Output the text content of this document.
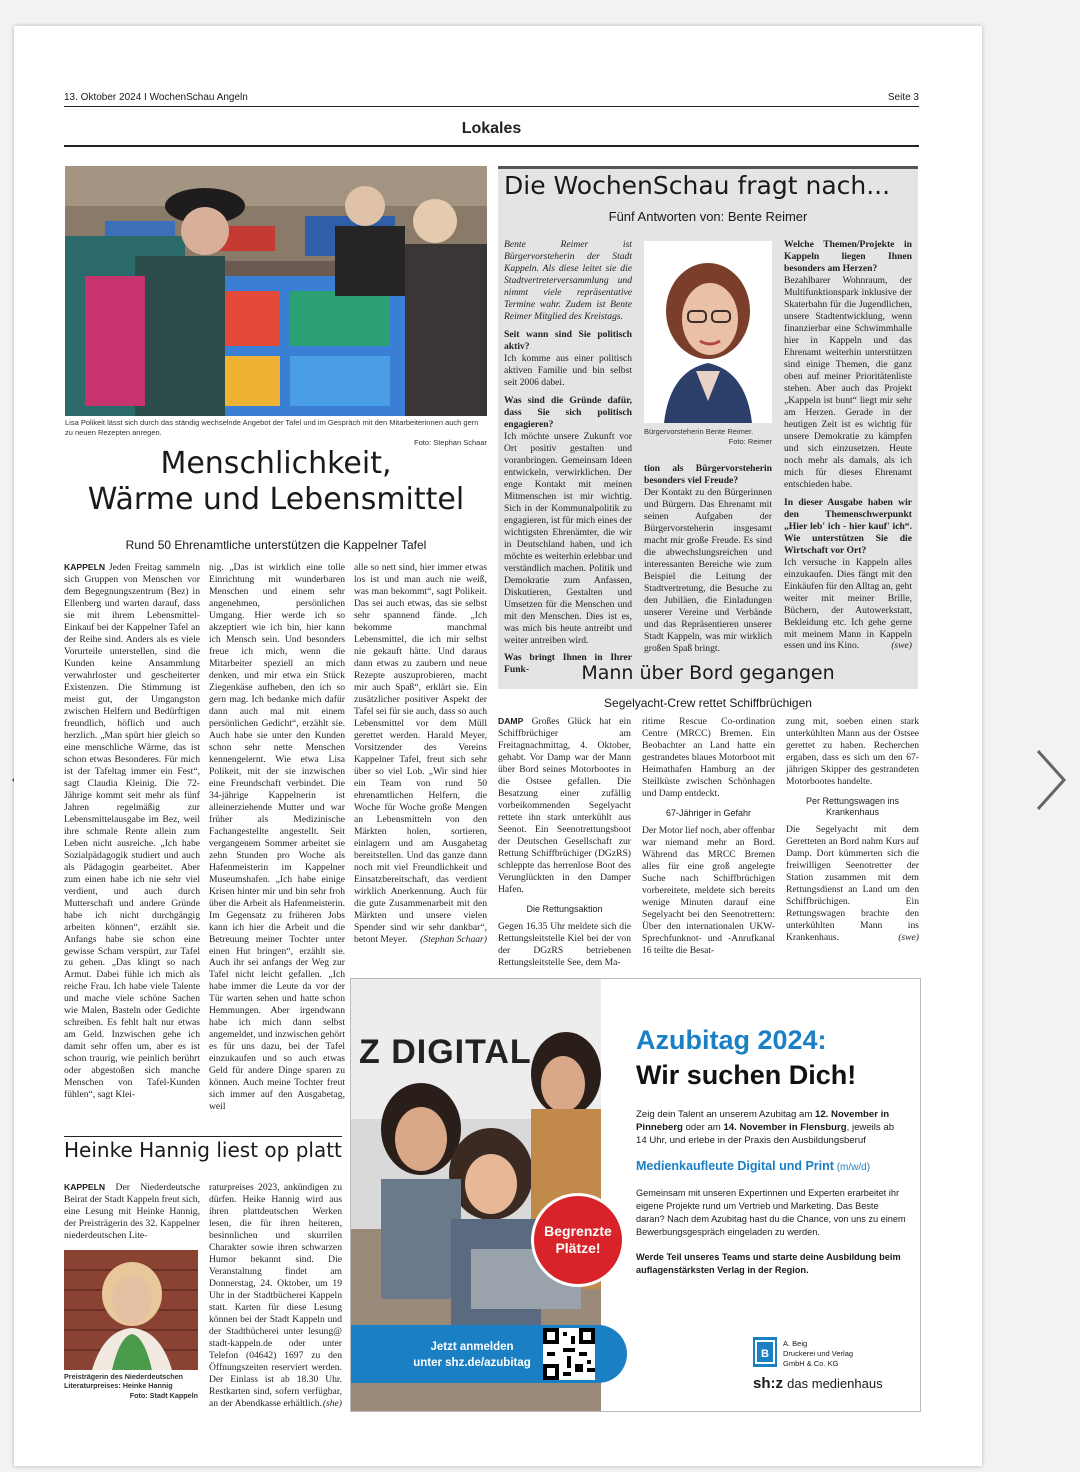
13. Oktober 2024 I WochenSchau Angeln	Seite 3
Lokales
Lisa Polikeit lässt sich durch das ständig wechselnde Angebot der Tafel und im Gespräch mit den Mitarbeiterinnen auch gern zu neuen Rezepten anregen.
Foto: Stephan Schaar
Menschlichkeit,
Wärme und Lebensmittel
Rund 50 Ehrenamtliche unterstützen die Kappelner Tafel

KAPPELN Jeden Freitag sammeln sich Gruppen von Menschen vor dem Begegnungszentrum (Bez) in Ellenberg und warten darauf, dass sie mit ihrem Lebensmittel-Einkauf bei der Kappelner Tafel an der Reihe sind. Anders als es viele Vorurteile unterstellen, sind die Kunden keine Ansammlung verwahrloster und gescheiterter Existenzen. Die Stimmung ist meist gut, der Umgangston zwischen Helfern und Bedürftigen freundlich, höflich und auch herzlich. „Man spürt hier gleich so eine menschliche Wärme, das ist schon etwas Besonderes. Für mich ist der Tafeltag immer ein Fest“, sagt Claudia Kleinig. Die 72-Jährige kommt seit mehr als fünf Jahren regelmäßig zur Lebensmittelausgabe im Bez, weil ihre schmale Rente allein zum Leben nicht ausreiche. „Ich habe Sozialpädagogik studiert und auch als Pädagogin gearbeitet. Aber zum einen habe ich nie sehr viel verdient, und auch durch Mutterschaft und andere Gründe habe ich nicht durchgängig arbeiten können“, erzählt sie. Anfangs habe sie schon eine gewisse Scham verspürt, zur Tafel zu gehen. „Das klingt so nach Armut. Dabei fühle ich mich als reiche Frau. Ich habe viele Talente und mache viele schöne Sachen wie Malen, Basteln oder Gedichte schreiben. Es fehlt halt nur etwas am Geld. Inzwischen gehe ich damit sehr offen um, aber es ist schon traurig, wie peinlich berührt oder abgestoßen sich manche Menschen von Tafel-Kunden fühlen“, sagt Klei-

nig. „Das ist wirklich eine tolle Einrichtung mit wunderbaren Menschen und einem sehr angenehmen, persönlichen Umgang. Hier werde ich so akzeptiert wie ich bin, hier kann ich Mensch sein. Und besonders freue ich mich, wenn die Mitarbeiter speziell an mich denken, und mir etwa ein Stück Ziegenkäse aufheben, den ich so gern mag. Ich bedanke mich dafür dann auch mal mit einem persönlichen Gedicht“, erzählt sie. Auch habe sie unter den Kunden schon sehr nette Menschen kennengelernt. Wie etwa Lisa Polikeit, mit der sie inzwischen eine Freundschaft verbindet. Die 34-jährige Kappelnerin ist alleinerziehende Mutter und war früher als Medizinische Fachangestellte angestellt. Seit vergangenem Sommer arbeitet sie zehn Stunden pro Woche als Hafenmeisterin im Kappelner Museumshafen. „Ich habe einige Krisen hinter mir und bin sehr froh über die Arbeit als Hafenmeisterin. Im Gegensatz zu früheren Jobs kann ich hier die Arbeit und die Betreuung meiner Tochter unter einen Hut bringen“, erzählt sie. Auch ihr sei anfangs der Weg zur Tafel nicht leicht gefallen. „Ich habe immer die Leute da vor der Tür warten sehen und hatte schon Hemmungen. Aber irgendwann habe ich mich dann selbst angemeldet, und inzwischen gehört es für uns dazu, bei der Tafel einzukaufen und so auch etwas Geld für andere Dinge sparen zu können. Auch meine Tochter freut sich immer auf den Ausgabetag, weil

alle so nett sind, hier immer etwas los ist und man auch nie weiß, was man bekommt“, sagt Polikeit. Das sei auch etwas, das sie selbst sehr spannend fände. „Ich bekomme manchmal Lebensmittel, die ich mir selbst nie gekauft hätte. Und daraus dann etwas zu zaubern und neue Rezepte auszuprobieren, macht mir auch Spaß“, erklärt sie. Ein zusätzlicher positiver Aspekt der Tafel sei für sie auch, dass so auch Lebensmittel vor dem Müll gerettet werden. Harald Meyer, Vorsitzender des Vereins Kappelner Tafel, freut sich sehr über so viel Lob. „Wir sind hier ein Team von rund 50 ehrenamtlichen Helfern, die Woche für Woche große Mengen an Lebensmitteln von den Märkten holen, sortieren, einlagern und am Ausgabetag bereitstellen. Und das ganze dann noch mit viel Freundlichkeit und Einsatzbereitschaft, das verdient wirklich Anerkennung. Auch für die gute Zusammenarbeit mit den Märkten und unsere vielen Spender sind wir sehr dankbar“, betont Meyer. (Stephan Schaar)

Heinke Hannig liest op platt

KAPPELN Der Niederdeutsche Beirat der Stadt Kappeln freut sich, eine Lesung mit Heinke Hannig, der Preisträgerin des 32. Kappelner niederdeutschen Lite-

Preisträgerin des Niederdeutschen Literaturpreises: Heinke Hannig
Foto: Stadt Kappeln

raturpreises 2023, ankündigen zu dürfen. Heike Hannig wird aus ihren plattdeutschen Werken lesen, die für ihren heiteren, besinnlichen und skurrilen Charakter sowie ihren schwarzen Humor bekannt sind. Die Veranstaltung findet am Donnerstag, 24. Oktober, um 19 Uhr in der Stadtbücherei Kappeln statt. Karten für diese Lesung können bei der Stadt Kappeln und der Stadtbücherei unter lesung@ stadt-kappeln.de oder unter Telefon (04642) 1697 zu den Öffnungszeiten reserviert werden. Der Einlass ist ab 18.30 Uhr. Restkarten sind, sofern verfügbar, an der Abendkasse erhältlich. (she)

Die WochenSchau fragt nach...
Fünf Antworten von: Bente Reimer

Bente Reimer ist Bürgervorsteherin der Stadt Kappeln. Als diese leitet sie die Stadtvertreterversammlung und nimmt viele repräsentative Termine wahr. Zudem ist Bente Reimer Mitglied des Kreistags.

Seit wann sind Sie politisch aktiv?

Ich komme aus einer politisch aktiven Familie und bin selbst seit 2006 dabei.

Was sind die Gründe dafür, dass Sie sich politisch engagieren?

Ich möchte unsere Zukunft vor Ort positiv gestalten und voranbringen. Gemeinsam Ideen entwickeln, verwirklichen. Der enge Kontakt mit meinen Mitmenschen ist mir wichtig. Sich in der Kommunalpolitik zu engagieren, ist für mich eines der wichtigsten Ehrenämter, die wir in Deutschland haben, und ich möchte es weiterhin erlebbar und verständlich machen. Politik und Demokratie zum Anfassen, Diskutieren, Gestalten und Umsetzen für die Menschen und mit den Menschen. Dies ist es, was mich bis heute antreibt und weiter antreiben wird.

Was bringt Ihnen in Ihrer Funk-

Bürgervorsteherin Bente Reimer.
Foto: Reimer

tion als Bürgervorsteherin besonders viel Freude?

Der Kontakt zu den Bürgerinnen und Bürgern. Das Ehrenamt mit seinen Aufgaben der Bürgervorsteherin insgesamt macht mir große Freude. Es sind die abwechslungsreichen und interessanten Bereiche wie zum Beispiel die Leitung der Stadtvertretung, die Besuche zu den Jubiläen, die Einladungen unserer Vereine und Verbände und das Repräsentieren unserer Stadt Kappeln, was mir wirklich großen Spaß bringt.

Welche Themen/Projekte in Kappeln liegen Ihnen besonders am Herzen?

Bezahlbarer Wohnraum, der Multifunktionspark inklusive der Skaterbahn für die Jugendlichen, unsere Stadtentwicklung, wenn finanzierbar eine Schwimmhalle hier in Kappeln und das Ehrenamt weiterhin unterstützen sind einige Themen, die ganz oben auf meiner Prioritätenliste stehen. Aber auch das Projekt „Kappeln ist bunt“ liegt mir sehr am Herzen. Gerade in der heutigen Zeit ist es wichtig für unsere Demokratie zu kämpfen und sich einzusetzen. Heute noch mehr als damals, als ich mich für dieses Ehrenamt entschieden habe.

In dieser Ausgabe haben wir den Themenschwerpunkt „Hier leb' ich - hier kauf' ich“. Wie unterstützen Sie die Wirtschaft vor Ort?

Ich versuche in Kappeln alles einzukaufen. Dies fängt mit den Einkäufen für den Alltag an, geht weiter mit meiner Brille, Büchern, der Autowerkstatt, Bekleidung etc. Ich gehe gerne mit meinem Mann in Kappeln essen und ins Kino.	(swe)

Mann über Bord gegangen
Segelyacht-Crew rettet Schiffbrüchigen

DAMP Großes Glück hat ein Schiffbrüchiger am Freitagnachmittag, 4. Oktober, gehabt. Vor Damp war der Mann über Bord seines Motorbootes in die Ostsee gefallen. Die Besatzung einer zufällig vorbeikommenden Segelyacht rettete ihn stark unterkühlt aus Seenot. Ein Seenotrettungsboot der Deutschen Gesellschaft zur Rettung Schiffbrüchiger (DGzRS) schleppte das herrenlose Boot des Verunglückten in den Damper Hafen.

Die Rettungsaktion

Gegen 16.35 Uhr meldete sich die Rettungsleitstelle Kiel bei der von der DGzRS betriebenen Rettungsleitstelle See, dem Ma-

ritime Rescue Co-ordination Centre (MRCC) Bremen. Ein Beobachter an Land hatte ein gestrandetes blaues Motorboot mit Heimathafen Hamburg an der Steilküste zwischen Schönhagen und Damp entdeckt.

67-Jähriger in Gefahr

Der Motor lief noch, aber offenbar war niemand mehr an Bord. Während das MRCC Bremen alles für eine groß angelegte Suche nach Schiffbrüchigen vorbereitete, meldete sich bereits wenige Minuten darauf eine Segelyacht bei den Seenotrettern: Über den internationalen UKW-Sprechfunknot- und -Anrufkanal 16 teilte die Besat-

zung mit, soeben einen stark unterkühlten Mann aus der Ostsee gerettet zu haben. Recherchen ergaben, dass es sich um den 67-jährigen Skipper des gestrandeten Motorbootes handelte.

Per Rettungswagen ins Krankenhaus

Die Segelyacht mit dem Geretteten an Bord nahm Kurs auf Damp. Dort kümmerten sich die freiwilligen Seenotretter der Station zusammen mit dem Rettungsdienst an Land um den Schiffbrüchigen. Ein Rettungswagen brachte den unterkühlten Mann ins Krankenhaus.	(swe)

Z DIGITAL
Begrenzte
Plätze!
Jetzt anmelden
unter shz.de/azubitag
Azubitag 2024:
Wir suchen Dich!
Zeig dein Talent an unserem Azubitag am 12. November in Pinneberg oder am 14. November in Flensburg, jeweils ab 14 Uhr, und erlebe in der Praxis den Ausbildungsberuf
Medienkaufleute Digital und Print (m/w/d)
Gemeinsam mit unseren Expertinnen und Experten erarbeitet ihr eigene Projekte rund um Vertrieb und Marketing. Das Beste daran? Nach dem Azubitag hast du die Chance, von uns zu einem Bewerbungsgespräch eingeladen zu werden.
Werde Teil unseres Teams und starte deine Ausbildung beim auflagenstärksten Verlag in der Region.
B
A. Beig
Druckerei und Verlag
GmbH & Co. KG
sh:z das medienhaus
